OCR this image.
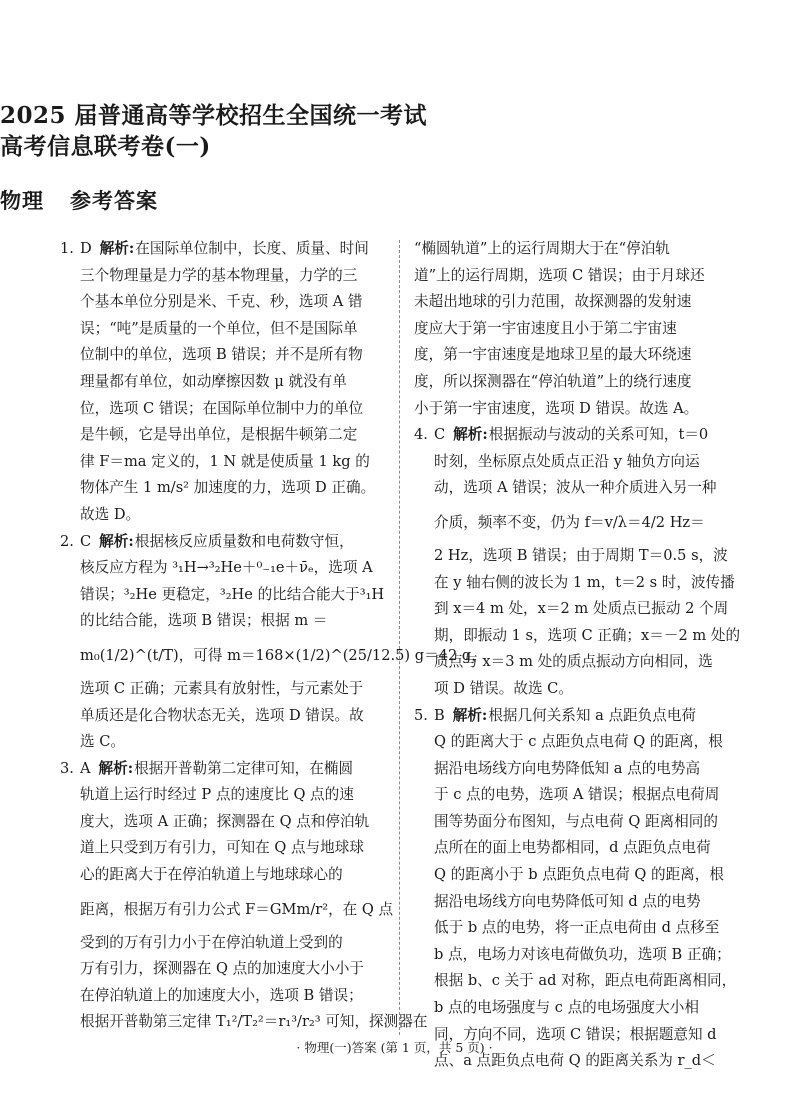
2025 届普通高等学校招生全国统一考试
高考信息联考卷(一)
物理 参考答案
1. D 解析:在国际单位制中，长度、质量、时间
三个物理量是力学的基本物理量，力学的三
个基本单位分别是米、千克、秒，选项 A 错
误；“吨”是质量的一个单位，但不是国际单
位制中的单位，选项 B 错误；并不是所有物
理量都有单位，如动摩擦因数 μ 就没有单
位，选项 C 错误；在国际单位制中力的单位
是牛顿，它是导出单位，是根据牛顿第二定
律 F＝ma 定义的，1 N 就是使质量 1 kg 的
物体产生 1 m/s² 加速度的力，选项 D 正确。
故选 D。
2. C 解析:根据核反应质量数和电荷数守恒，
核反应方程为 ³₁H→³₂He＋⁰₋₁e＋ν̄ₑ，选项 A
错误；³₂He 更稳定，³₂He 的比结合能大于³₁H
的比结合能，选项 B 错误；根据 m ＝
m₀(1/2)^(t/T)，可得 m＝168×(1/2)^(25/12.5) g＝42 g，
选项 C 正确；元素具有放射性，与元素处于
单质还是化合物状态无关，选项 D 错误。故
选 C。
3. A 解析:根据开普勒第二定律可知，在椭圆
轨道上运行时经过 P 点的速度比 Q 点的速
度大，选项 A 正确；探测器在 Q 点和停泊轨
道上只受到万有引力，可知在 Q 点与地球球
心的距离大于在停泊轨道上与地球球心的
距离，根据万有引力公式 F＝GMm/r²，在 Q 点
受到的万有引力小于在停泊轨道上受到的
万有引力，探测器在 Q 点的加速度大小小于
在停泊轨道上的加速度大小，选项 B 错误；
根据开普勒第三定律 T₁²/T₂²＝r₁³/r₂³ 可知，探测器在
“椭圆轨道”上的运行周期大于在“停泊轨
道”上的运行周期，选项 C 错误；由于月球还
未超出地球的引力范围，故探测器的发射速
度应大于第一宇宙速度且小于第二宇宙速
度，第一宇宙速度是地球卫星的最大环绕速
度，所以探测器在“停泊轨道”上的绕行速度
小于第一宇宙速度，选项 D 错误。故选 A。
4. C 解析:根据振动与波动的关系可知，t＝0
时刻，坐标原点处质点正沿 y 轴负方向运
动，选项 A 错误；波从一种介质进入另一种
介质，频率不变，仍为 f＝v/λ＝4/2 Hz＝
2 Hz，选项 B 错误；由于周期 T＝0.5 s，波
在 y 轴右侧的波长为 1 m，t＝2 s 时，波传播
到 x＝4 m 处，x＝2 m 处质点已振动 2 个周
期，即振动 1 s，选项 C 正确；x＝－2 m 处的
质点与 x＝3 m 处的质点振动方向相同，选
项 D 错误。故选 C。
5. B 解析:根据几何关系知 a 点距负点电荷
Q 的距离大于 c 点距负点电荷 Q 的距离，根
据沿电场线方向电势降低知 a 点的电势高
于 c 点的电势，选项 A 错误；根据点电荷周
围等势面分布图知，与点电荷 Q 距离相同的
点所在的面上电势都相同，d 点距负点电荷
Q 的距离小于 b 点距负点电荷 Q 的距离，根
据沿电场线方向电势降低可知 d 点的电势
低于 b 点的电势，将一正点电荷由 d 点移至
b 点，电场力对该电荷做负功，选项 B 正确；
根据 b、c 关于 ad 对称，距点电荷距离相同，
b 点的电场强度与 c 点的电场强度大小相
同，方向不同，选项 C 错误；根据题意知 d
点、a 点距负点电荷 Q 的距离关系为 r_d＜
· 物理(一)答案 (第 1 页，共 5 页) ·
